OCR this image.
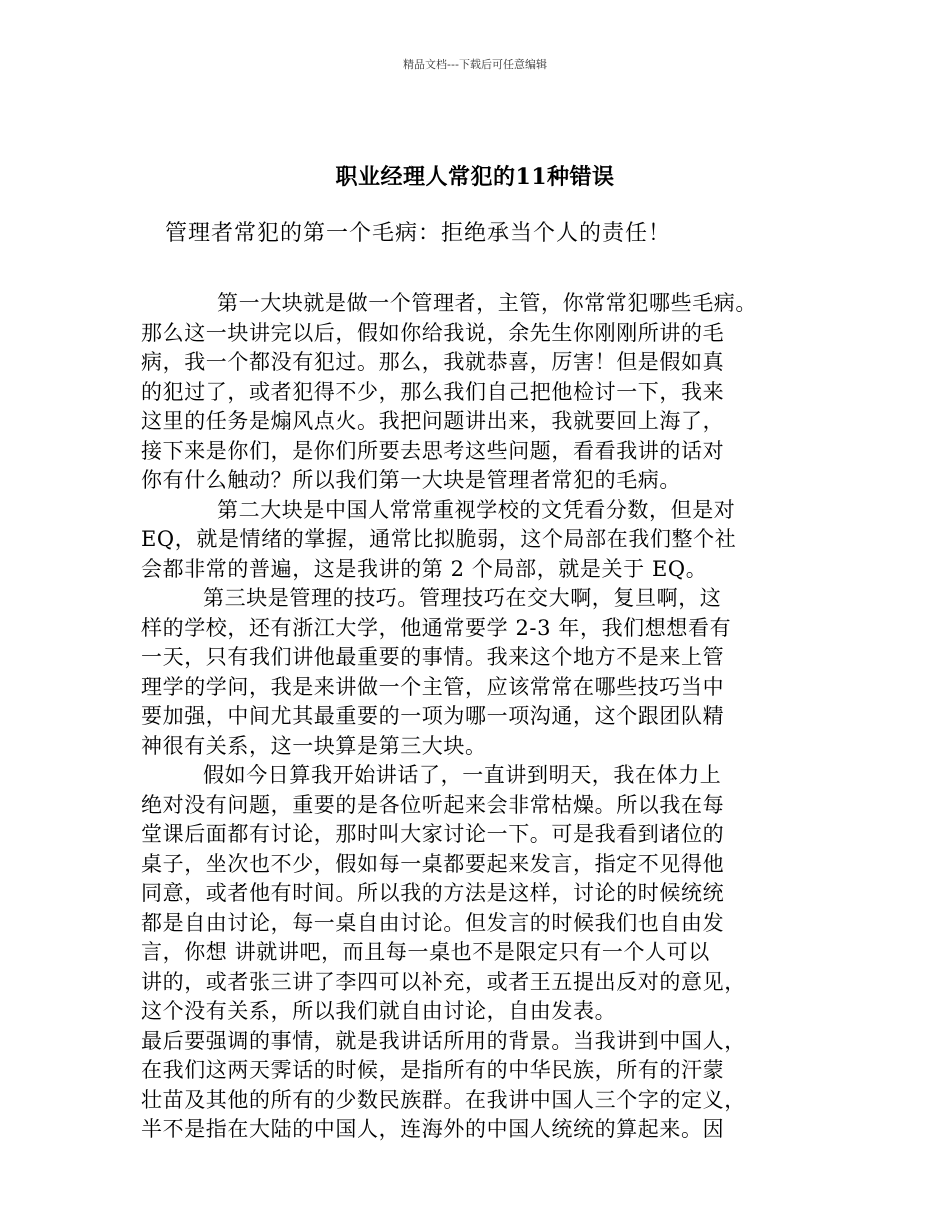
精品文档---下载后可任意编辑
职业经理人常犯的11种错误
管理者常犯的第一个毛病：拒绝承当个人的责任！
第一大块就是做一个管理者，主管，你常常犯哪些毛病。
那么这一块讲完以后，假如你给我说，余先生你刚刚所讲的毛
病，我一个都没有犯过。那么，我就恭喜，厉害！但是假如真
的犯过了，或者犯得不少，那么我们自己把他检讨一下，我来
这里的任务是煽风点火。我把问题讲出来，我就要回上海了，
接下来是你们，是你们所要去思考这些问题，看看我讲的话对
你有什么触动？所以我们第一大块是管理者常犯的毛病。
第二大块是中国人常常重视学校的文凭看分数，但是对
EQ，就是情绪的掌握，通常比拟脆弱，这个局部在我们整个社
会都非常的普遍，这是我讲的第 2 个局部，就是关于 EQ。
第三块是管理的技巧。管理技巧在交大啊，复旦啊，这
样的学校，还有浙江大学，他通常要学 2-3 年，我们想想看有
一天，只有我们讲他最重要的事情。我来这个地方不是来上管
理学的学问，我是来讲做一个主管，应该常常在哪些技巧当中
要加强，中间尤其最重要的一项为哪一项沟通，这个跟团队精
神很有关系，这一块算是第三大块。
假如今日算我开始讲话了，一直讲到明天，我在体力上
绝对没有问题，重要的是各位听起来会非常枯燥。所以我在每
堂课后面都有讨论，那时叫大家讨论一下。可是我看到诸位的
桌子，坐次也不少，假如每一桌都要起来发言，指定不见得他
同意，或者他有时间。所以我的方法是这样，讨论的时候统统
都是自由讨论，每一桌自由讨论。但发言的时候我们也自由发
言，你想 讲就讲吧，而且每一桌也不是限定只有一个人可以
讲的，或者张三讲了李四可以补充，或者王五提出反对的意见，
这个没有关系，所以我们就自由讨论，自由发表。
最后要强调的事情，就是我讲话所用的背景。当我讲到中国人，
在我们这两天霁话的时候，是指所有的中华民族，所有的汗蒙
壮苗及其他的所有的少数民族群。在我讲中国人三个字的定义，
半不是指在大陆的中国人，连海外的中国人统统的算起来。因
